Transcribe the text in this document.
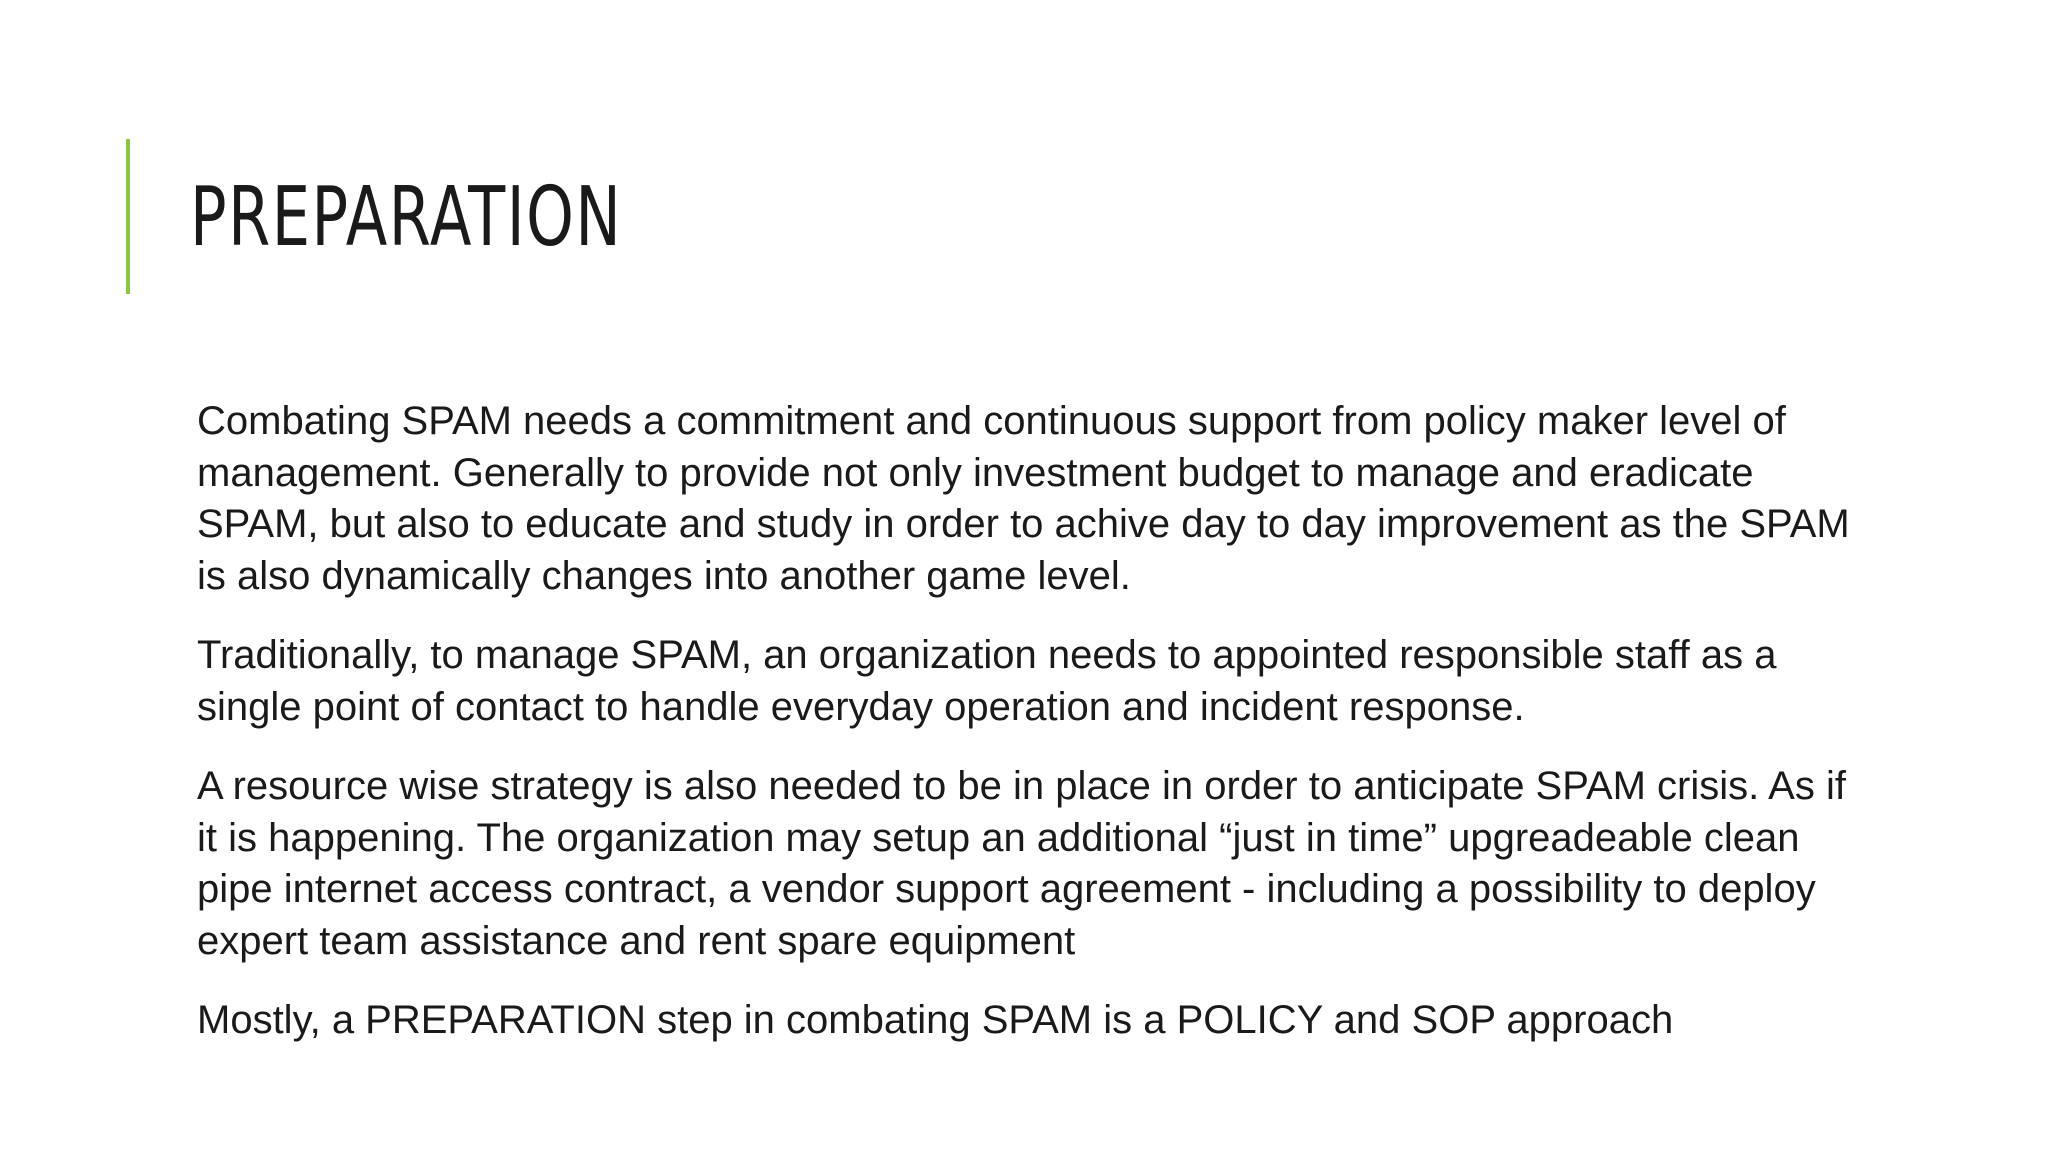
PREPARATION

Combating SPAM needs a commitment and continuous support from policy maker level of management. Generally to provide not only investment budget to manage and eradicate SPAM, but also to educate and study in order to achive day to day improvement as the SPAM is also dynamically changes into another game level.

Traditionally, to manage SPAM, an organization needs to appointed responsible staff as a single point of contact to handle everyday operation and incident response.

A resource wise strategy is also needed to be in place in order to anticipate SPAM crisis. As if it is happening. The organization may setup an additional “just in time” upgreadeable clean pipe internet access contract, a vendor support agreement - including a possibility to deploy expert team assistance and rent spare equipment

Mostly, a PREPARATION step in combating SPAM is a POLICY and SOP approach
